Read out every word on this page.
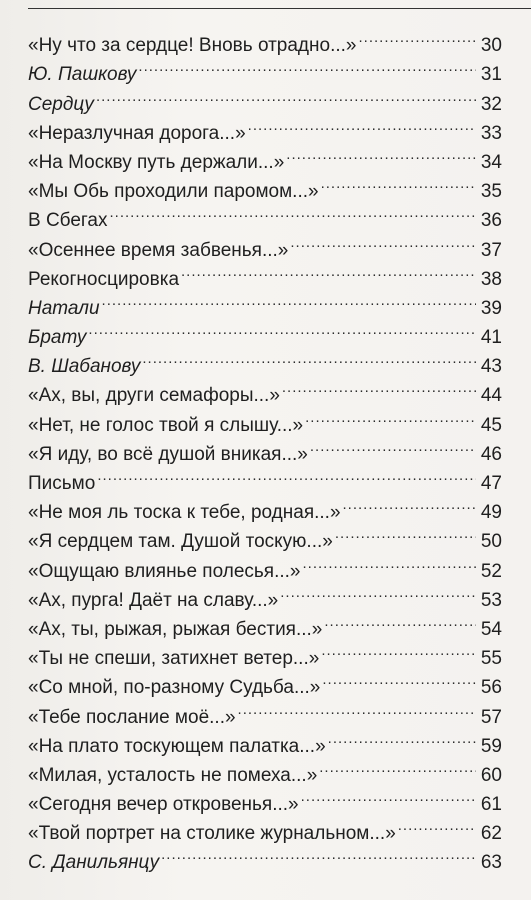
«Ну что за сердце! Вновь отрадно...» .....	30
Ю. Пашкову .....	31
Сердцу .....	32
«Неразлучная дорога...» .....	33
«На Москву путь держали...» .....	34
«Мы Обь проходили паромом...» .....	35
В Сбегах .....	36
«Осеннее время забвенья...» .....	37
Рекогносцировка .....	38
Натали .....	39
Брату .....	41
В. Шабанову .....	43
«Ах, вы, други семафоры...» .....	44
«Нет, не голос твой я слышу...» .....	45
«Я иду, во всё душой вникая...» .....	46
Письмо .....	47
«Не моя ль тоска к тебе, родная...» .....	49
«Я сердцем там. Душой тоскую...» .....	50
«Ощущаю влиянье полесья...» .....	52
«Ах, пурга! Даёт на славу...» .....	53
«Ах, ты, рыжая, рыжая бестия...» .....	54
«Ты не спеши, затихнет ветер...» .....	55
«Со мной, по-разному Судьба...» .....	56
«Тебе послание моё...» .....	57
«На плато тоскующем палатка...» .....	59
«Милая, усталость не помеха...» .....	60
«Сегодня вечер откровенья...» .....	61
«Твой портрет на столике журнальном...» .....	62
С. Данильянцу .....	63
